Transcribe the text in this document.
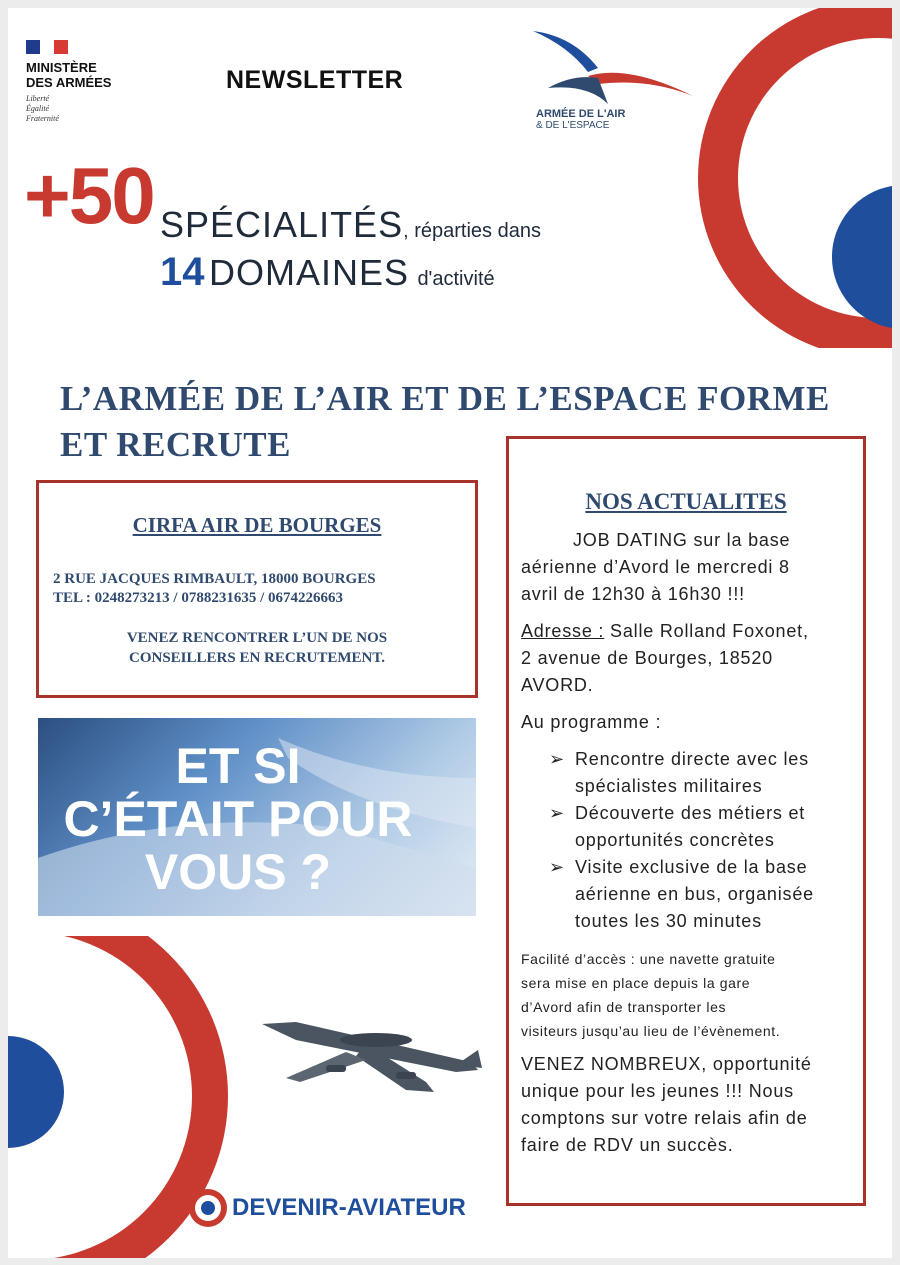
MINISTÈRE
DES ARMÉES
Liberté
Égalité
Fraternité
NEWSLETTER
ARMÉE DE L'AIR
& DE L'ESPACE
+50 SPÉCIALITÉS, réparties dans
14 DOMAINES d'activité
L’ARMÉE DE L’AIR ET DE L’ESPACE FORME
ET RECRUTE
CIRFA AIR DE BOURGES
2 RUE JACQUES RIMBAULT, 18000 BOURGES
TEL : 0248273213 / 0788231635 / 0674226663
VENEZ RENCONTRER L’UN DE NOS
CONSEILLERS EN RECRUTEMENT.
ET SI
C’ÉTAIT POUR
VOUS ?
DEVENIR-AVIATEUR
NOS ACTUALITES
JOB DATING sur la base
aérienne d’Avord le mercredi 8
avril de 12h30 à 16h30 !!!
Adresse : Salle Rolland Foxonet,
2 avenue de Bourges, 18520
AVORD.
Au programme :
➢ Rencontre directe avec les
spécialistes militaires
➢ Découverte des métiers et
opportunités concrètes
➢ Visite exclusive de la base
aérienne en bus, organisée
toutes les 30 minutes
Facilité d’accès : une navette gratuite
sera mise en place depuis la gare
d’Avord afin de transporter les
visiteurs jusqu’au lieu de l’évènement.
VENEZ NOMBREUX, opportunité
unique pour les jeunes !!! Nous
comptons sur votre relais afin de
faire de RDV un succès.
